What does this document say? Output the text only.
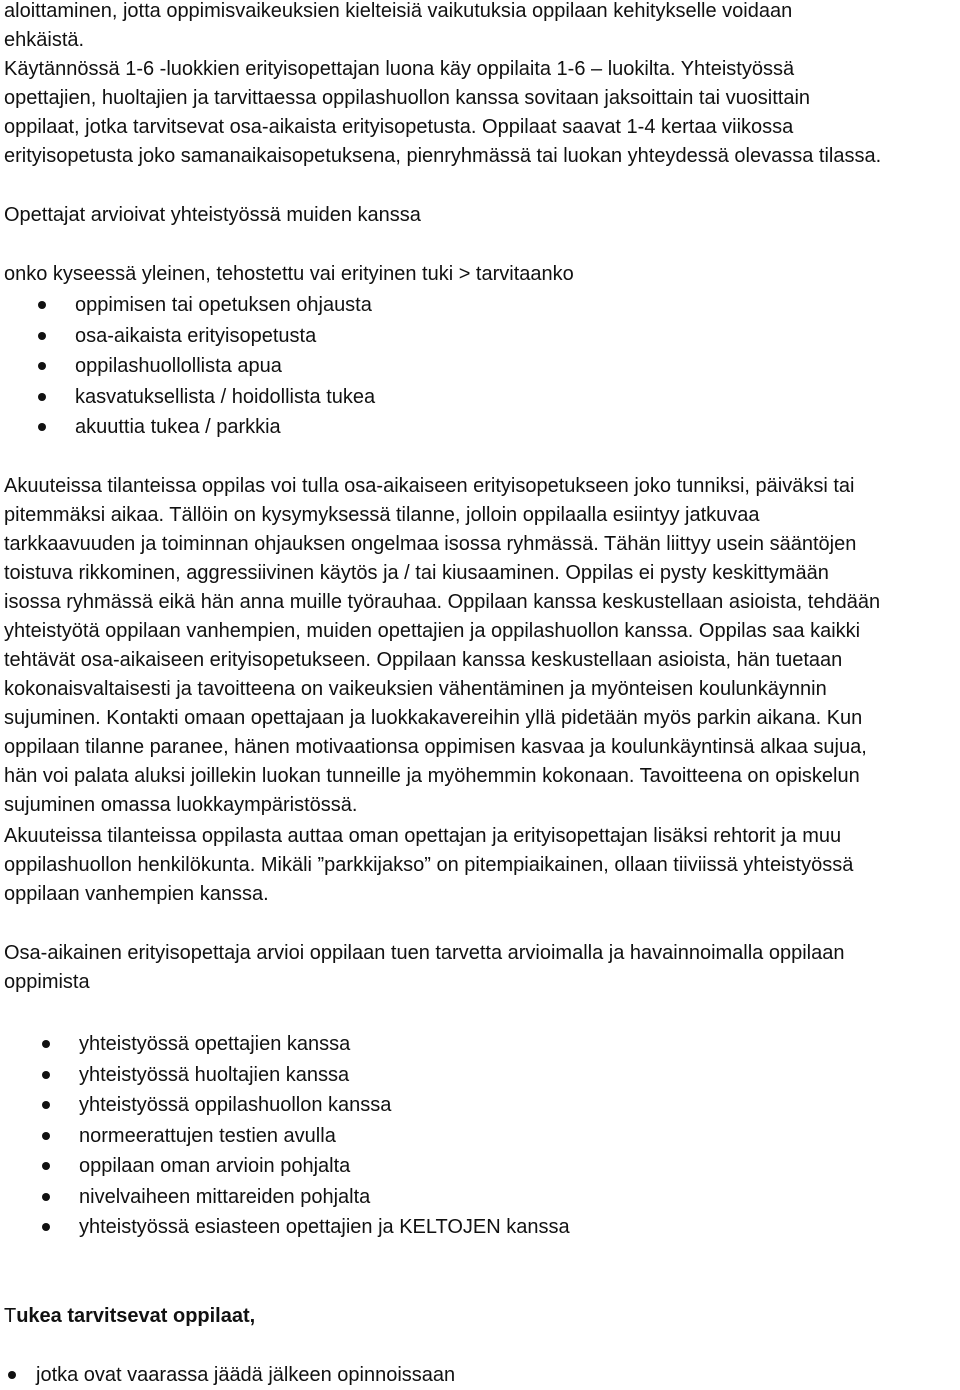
aloittaminen, jotta oppimisvaikeuksien kielteisiä vaikutuksia oppilaan kehitykselle voidaan
ehkäistä.
Käytännössä 1-6 -luokkien erityisopettajan luona käy oppilaita 1-6 – luokilta. Yhteistyössä
opettajien, huoltajien ja tarvittaessa oppilashuollon kanssa sovitaan jaksoittain tai vuosittain
oppilaat, jotka tarvitsevat osa-aikaista erityisopetusta. Oppilaat saavat 1-4 kertaa viikossa
erityisopetusta joko samanaikaisopetuksena, pienryhmässä tai luokan yhteydessä olevassa tilassa.

Opettajat arvioivat yhteistyössä muiden kanssa

onko kyseessä yleinen, tehostettu vai erityinen tuki > tarvitaanko

oppimisen tai opetuksen ohjausta
osa-aikaista erityisopetusta
oppilashuollollista apua
kasvatuksellista / hoidollista tukea
akuuttia tukea / parkkia
Akuuteissa tilanteissa oppilas voi tulla osa-aikaiseen erityisopetukseen joko tunniksi, päiväksi tai
pitemmäksi aikaa. Tällöin on kysymyksessä tilanne, jolloin oppilaalla esiintyy jatkuvaa
tarkkaavuuden ja toiminnan ohjauksen ongelmaa isossa ryhmässä. Tähän liittyy usein sääntöjen
toistuva rikkominen, aggressiivinen käytös ja / tai kiusaaminen. Oppilas ei pysty keskittymään
isossa ryhmässä eikä hän anna muille työrauhaa. Oppilaan kanssa keskustellaan asioista, tehdään
yhteistyötä oppilaan vanhempien, muiden opettajien ja oppilashuollon kanssa. Oppilas saa kaikki
tehtävät osa-aikaiseen erityisopetukseen. Oppilaan kanssa keskustellaan asioista, hän tuetaan
kokonaisvaltaisesti ja tavoitteena on vaikeuksien vähentäminen ja myönteisen koulunkäynnin
sujuminen. Kontakti omaan opettajaan ja luokkakavereihin yllä pidetään myös parkin aikana. Kun
oppilaan tilanne paranee, hänen motivaationsa oppimisen kasvaa ja koulunkäyntinsä alkaa sujua,
hän voi palata aluksi joillekin luokan tunneille ja myöhemmin kokonaan. Tavoitteena on opiskelun
sujuminen omassa luokkaympäristössä.
Akuuteissa tilanteissa oppilasta auttaa oman opettajan ja erityisopettajan lisäksi rehtorit ja muu
oppilashuollon henkilökunta. Mikäli ”parkkijakso” on pitempiaikainen, ollaan tiiviissä yhteistyössä
oppilaan vanhempien kanssa.
Osa-aikainen erityisopettaja arvioi oppilaan tuen tarvetta arvioimalla ja havainnoimalla oppilaan
oppimista
yhteistyössä opettajien kanssa
yhteistyössä huoltajien kanssa
yhteistyössä oppilashuollon kanssa
normeerattujen testien avulla
oppilaan oman arvioin pohjalta
nivelvaiheen mittareiden pohjalta
yhteistyössä esiasteen opettajien ja KELTOJEN kanssa

Tukea tarvitsevat oppilaat,

jotka ovat vaarassa jäädä jälkeen opinnoissaan
